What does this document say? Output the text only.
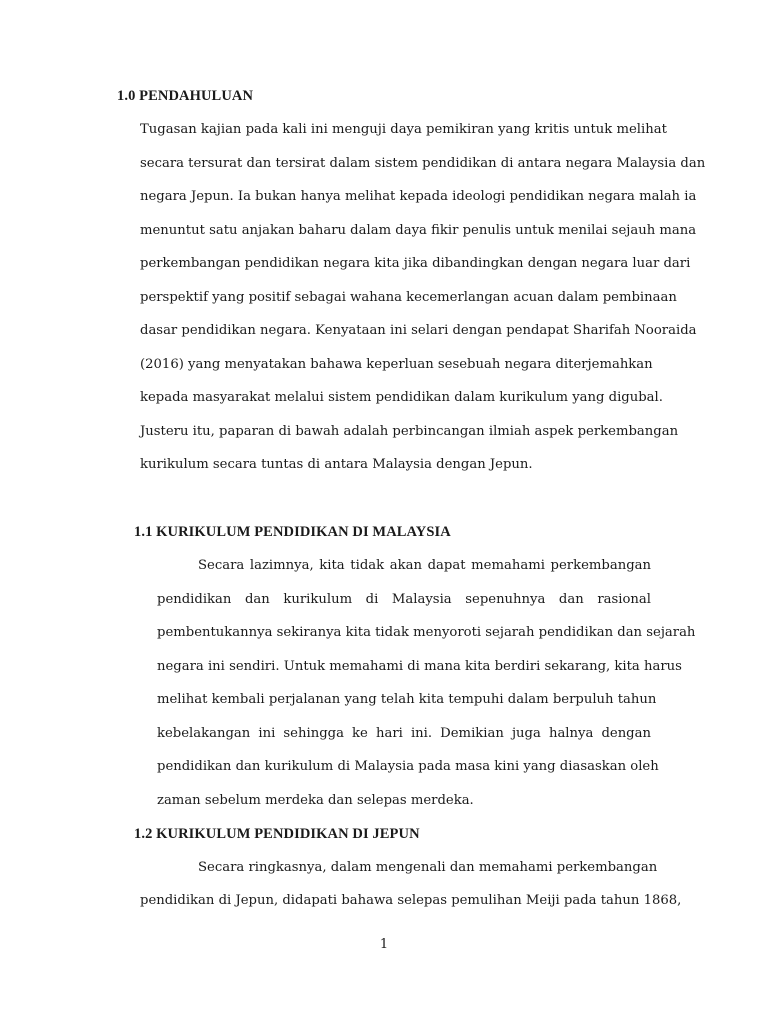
1.0 PENDAHULUAN
Tugasan kajian pada kali ini menguji daya pemikiran yang kritis untuk melihat
secara tersurat dan tersirat dalam sistem pendidikan di antara negara Malaysia dan
negara Jepun. Ia bukan hanya melihat kepada ideologi pendidikan negara malah ia
menuntut satu anjakan baharu dalam daya fikir penulis untuk menilai sejauh mana
perkembangan pendidikan negara kita jika dibandingkan dengan negara luar dari
perspektif yang positif sebagai wahana kecemerlangan acuan dalam pembinaan
dasar pendidikan negara. Kenyataan ini selari dengan pendapat Sharifah Nooraida
(2016) yang menyatakan bahawa keperluan sesebuah negara diterjemahkan
kepada masyarakat melalui sistem pendidikan dalam kurikulum yang digubal.
Justeru itu, paparan di bawah adalah perbincangan ilmiah aspek perkembangan
kurikulum secara tuntas di antara Malaysia dengan Jepun.
1.1 KURIKULUM PENDIDIKAN DI MALAYSIA
Secara lazimnya, kita tidak akan dapat memahami perkembangan
pendidikan dan kurikulum di Malaysia sepenuhnya dan rasional
pembentukannya sekiranya kita tidak menyoroti sejarah pendidikan dan sejarah
negara ini sendiri. Untuk memahami di mana kita berdiri sekarang, kita harus
melihat kembali perjalanan yang telah kita tempuhi dalam berpuluh tahun
kebelakangan ini sehingga ke hari ini. Demikian juga halnya dengan
pendidikan dan kurikulum di Malaysia pada masa kini yang diasaskan oleh
zaman sebelum merdeka dan selepas merdeka.
1.2 KURIKULUM PENDIDIKAN DI JEPUN
Secara ringkasnya, dalam mengenali dan memahami perkembangan
pendidikan di Jepun, didapati bahawa selepas pemulihan Meiji pada tahun 1868,
1
